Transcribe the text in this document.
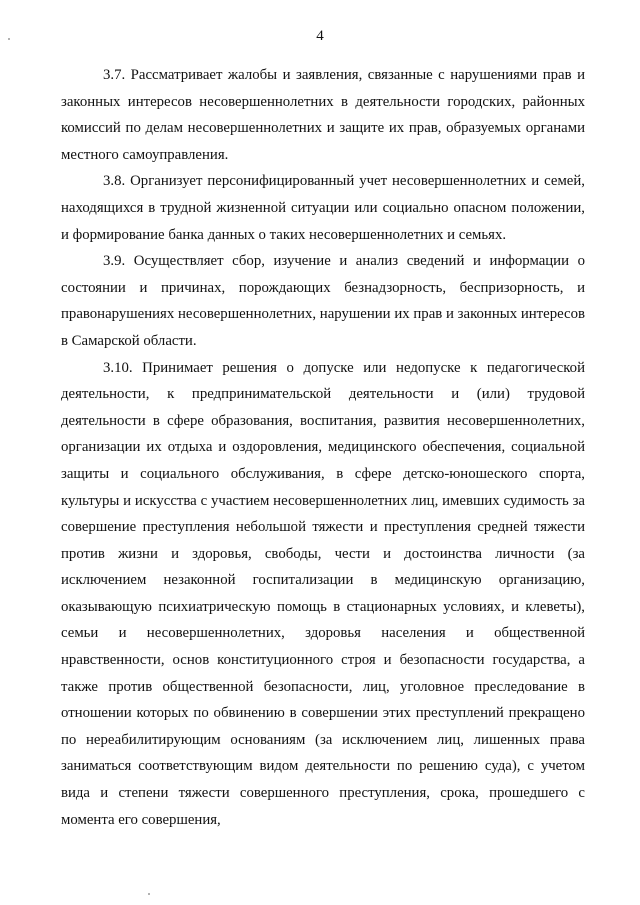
4

3.7. Рассматривает жалобы и заявления, связанные с нарушениями прав и законных интересов несовершеннолетних в деятельности городских, районных комиссий по делам несовершеннолетних и защите их прав, образуемых органами местного самоуправления.

3.8. Организует персонифицированный учет несовершеннолетних и семей, находящихся в трудной жизненной ситуации или социально опасном положении, и формирование банка данных о таких несовершеннолетних и семьях.

3.9. Осуществляет сбор, изучение и анализ сведений и информации о состоянии и причинах, порождающих безнадзорность, беспризорность, и правонарушениях несовершеннолетних, нарушении их прав и законных интересов в Самарской области.

3.10. Принимает решения о допуске или недопуске к педагогической деятельности, к предпринимательской деятельности и (или) трудовой деятельности в сфере образования, воспитания, развития несовершеннолетних, организации их отдыха и оздоровления, медицинского обеспечения, социальной защиты и социального обслуживания, в сфере детско-юношеского спорта, культуры и искусства с участием несовершеннолетних лиц, имевших судимость за совершение преступления небольшой тяжести и преступления средней тяжести против жизни и здоровья, свободы, чести и достоинства личности (за исключением незаконной госпитализации в медицинскую организацию, оказывающую психиатрическую помощь в стационарных условиях, и клеветы), семьи и несовершеннолетних, здоровья населения и общественной нравственности, основ конституционного строя и безопасности государства, а также против общественной безопасности, лиц, уголовное преследование в отношении которых по обвинению в совершении этих преступлений прекращено по нереабилитирующим основаниям (за исключением лиц, лишенных права заниматься соответствующим видом деятельности по решению суда), с учетом вида и степени тяжести совершенного преступления, срока, прошедшего с момента его совершения,
